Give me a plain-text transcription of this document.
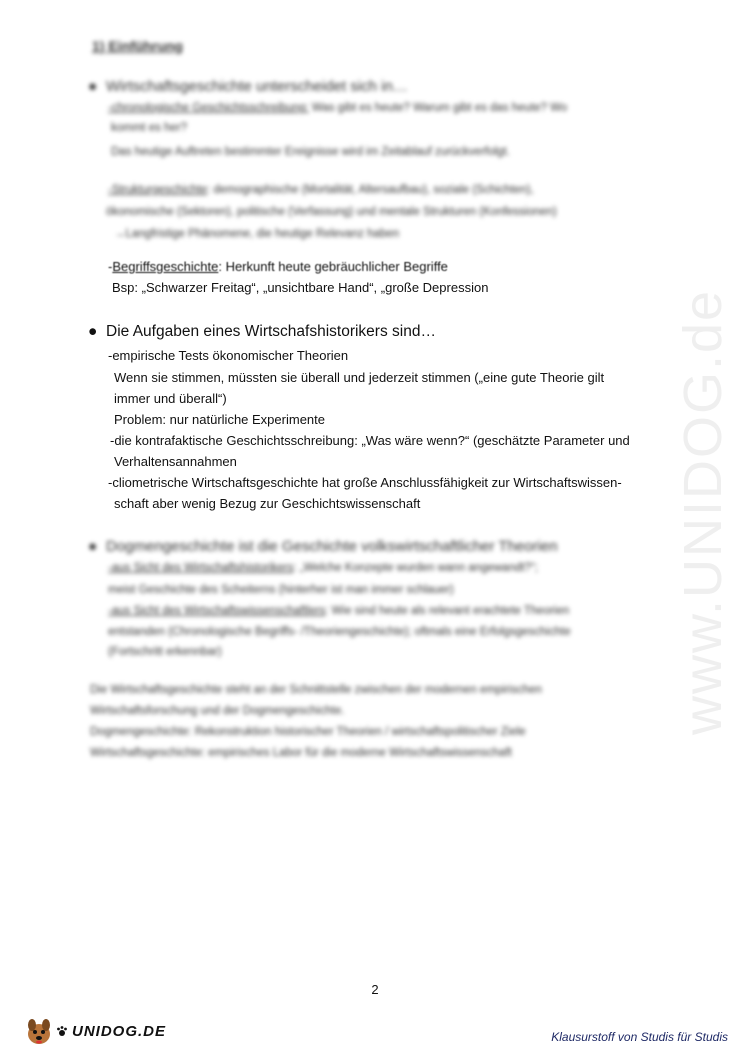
www.UNIDOG.de
1) Einführung
● Wirtschaftsgeschichte unterscheidet sich in…
-chronologische Geschichtsschreibung: Was gibt es heute? Warum gibt es das heute? Wo
kommt es her?
Das heutige Auftreten bestimmter Ereignisse wird im Zeitablauf zurückverfolgt.
-Strukturgeschichte: demographische (Mortalität, Altersaufbau), soziale (Schichten),
ökonomische (Sektoren), politische (Verfassung) und mentale Strukturen (Konfessionen)
→Langfristige Phänomene, die heutige Relevanz haben
-Begriffsgeschichte: Herkunft heute gebräuchlicher Begriffe
Bsp: „Schwarzer Freitag“, „unsichtbare Hand“, „große Depression
● Die Aufgaben eines Wirtschafshistorikers sind…
-empirische Tests ökonomischer Theorien
Wenn sie stimmen, müssten sie überall und jederzeit stimmen („eine gute Theorie gilt
immer und überall“)
Problem: nur natürliche Experimente
-die kontrafaktische Geschichtsschreibung: „Was wäre wenn?“ (geschätzte Parameter und
Verhaltensannahmen
-cliometrische Wirtschaftsgeschichte hat große Anschlussfähigkeit zur Wirtschaftswissen-
schaft aber wenig Bezug zur Geschichtswissenschaft
● Dogmengeschichte ist die Geschichte volkswirtschaftlicher Theorien
-aus Sicht des Wirtschaftshistorikers: „Welche Konzepte wurden wann angewandt?“;
meist Geschichte des Scheiterns (hinterher ist man immer schlauer)
-aus Sicht des Wirtschaftswissenschaftlers: Wie sind heute als relevant erachtete Theorien
entstanden (Chronologische Begriffs- /Theoriengeschichte); oftmals eine Erfolgsgeschichte
(Fortschritt erkennbar)
Die Wirtschaftsgeschichte steht an der Schnittstelle zwischen der modernen empirischen
Wirtschaftsforschung und der Dogmengeschichte.
Dogmengeschichte: Rekonstruktion historischer Theorien / wirtschaftspolitischer Ziele
Wirtschaftsgeschichte: empirisches Labor für die moderne Wirtschaftswissenschaft
2
UNIDOG.DE	Klausurstoff von Studis für Studis
